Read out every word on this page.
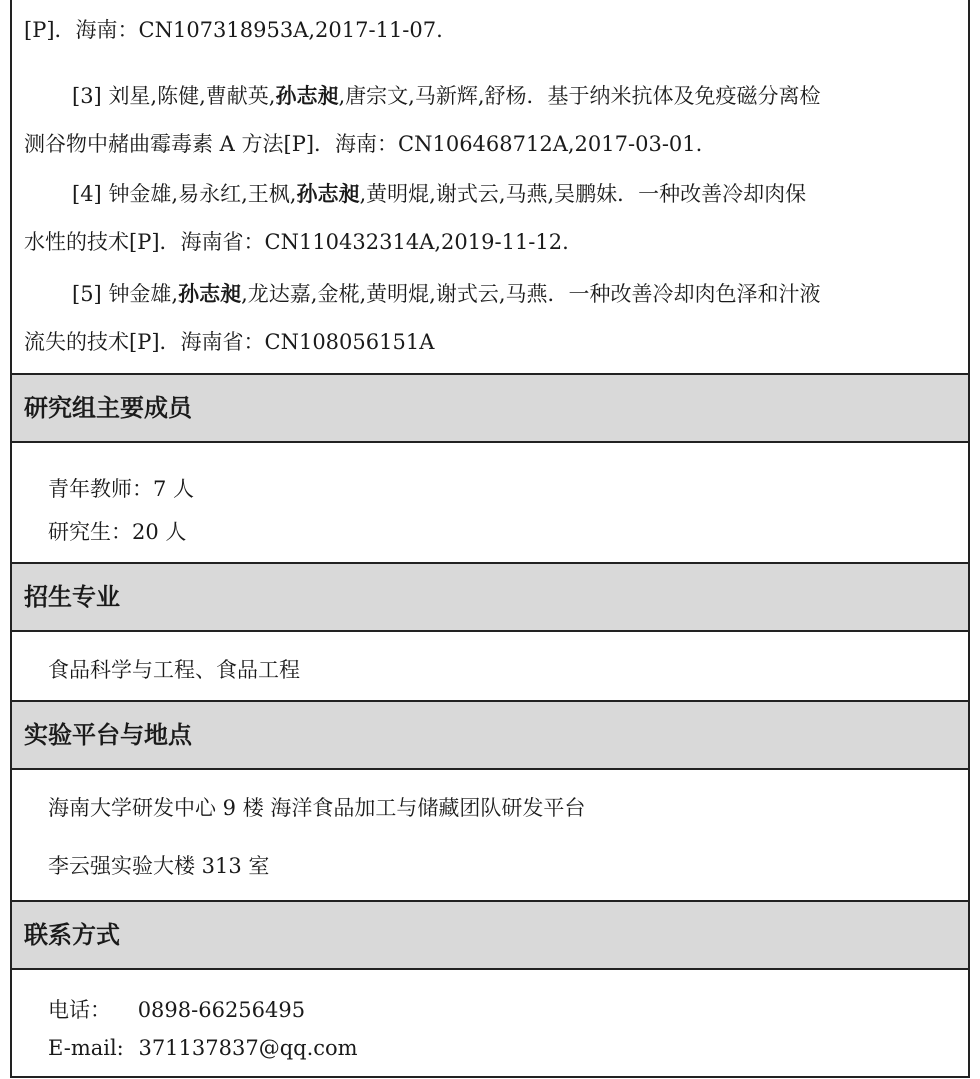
[P]．海南：CN107318953A,2017-11-07.
[3] 刘星,陈健,曹献英,孙志昶,唐宗文,马新辉,舒杨．基于纳米抗体及免疫磁分离检
测谷物中赭曲霉毒素 A 方法[P]．海南：CN106468712A,2017-03-01.
[4] 钟金雄,易永红,王枫,孙志昶,黄明焜,谢式云,马燕,吴鹏妹．一种改善冷却肉保
水性的技术[P]．海南省：CN110432314A,2019-11-12.
[5] 钟金雄,孙志昶,龙达嘉,金椛,黄明焜,谢式云,马燕．一种改善冷却肉色泽和汁液
流失的技术[P]．海南省：CN108056151A
研究组主要成员
青年教师：7 人
研究生：20 人
招生专业
食品科学与工程、食品工程
实验平台与地点
海南大学研发中心 9 楼 海洋食品加工与储藏团队研发平台
李云强实验大楼 313 室
联系方式
电话： 0898-66256495
E-mail: 371137837@qq.com
